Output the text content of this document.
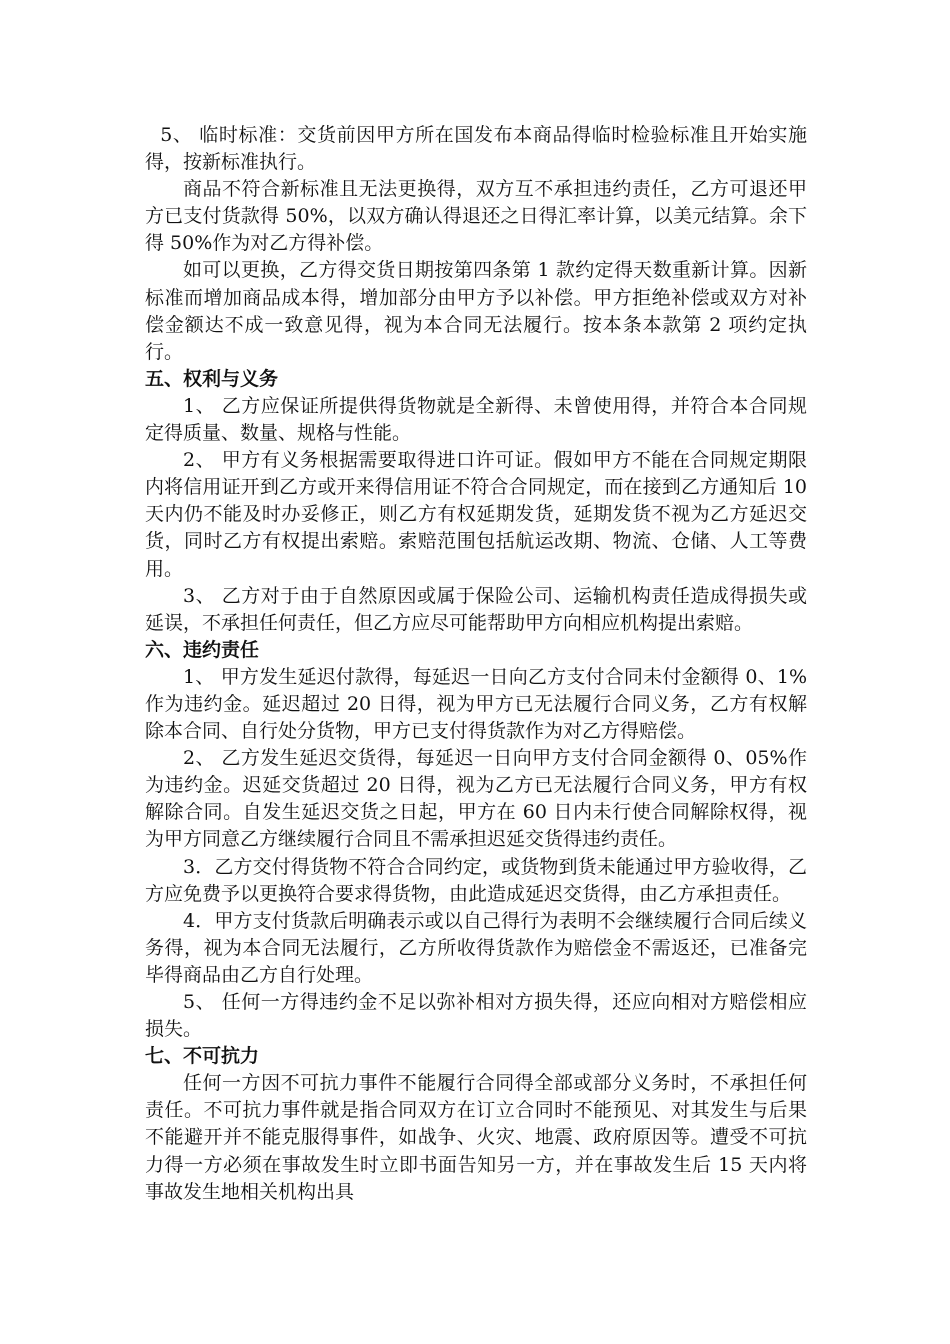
5、 临时标准：交货前因甲方所在国发布本商品得临时检验标准且开始实施得，按新标准执行。

商品不符合新标准且无法更换得，双方互不承担违约责任，乙方可退还甲方已支付货款得 50%，以双方确认得退还之日得汇率计算，以美元结算。余下得 50%作为对乙方得补偿。

如可以更换，乙方得交货日期按第四条第 1 款约定得天数重新计算。因新标准而增加商品成本得，增加部分由甲方予以补偿。甲方拒绝补偿或双方对补偿金额达不成一致意见得，视为本合同无法履行。按本条本款第 2 项约定执行。

五、权利与义务

1、 乙方应保证所提供得货物就是全新得、未曾使用得，并符合本合同规定得质量、数量、规格与性能。

2、 甲方有义务根据需要取得进口许可证。假如甲方不能在合同规定期限内将信用证开到乙方或开来得信用证不符合合同规定，而在接到乙方通知后 10 天内仍不能及时办妥修正，则乙方有权延期发货，延期发货不视为乙方延迟交货，同时乙方有权提出索赔。索赔范围包括航运改期、物流、仓储、人工等费用。

3、 乙方对于由于自然原因或属于保险公司、运输机构责任造成得损失或延误，不承担任何责任，但乙方应尽可能帮助甲方向相应机构提出索赔。

六、违约责任

1、 甲方发生延迟付款得，每延迟一日向乙方支付合同未付金额得 0、1%作为违约金。延迟超过 20 日得，视为甲方已无法履行合同义务，乙方有权解除本合同、自行处分货物，甲方已支付得货款作为对乙方得赔偿。

2、 乙方发生延迟交货得，每延迟一日向甲方支付合同金额得 0、05%作为违约金。迟延交货超过 20 日得，视为乙方已无法履行合同义务，甲方有权解除合同。自发生延迟交货之日起，甲方在 60 日内未行使合同解除权得，视为甲方同意乙方继续履行合同且不需承担迟延交货得违约责任。

3．乙方交付得货物不符合合同约定，或货物到货未能通过甲方验收得，乙方应免费予以更换符合要求得货物，由此造成延迟交货得，由乙方承担责任。

4．甲方支付货款后明确表示或以自己得行为表明不会继续履行合同后续义务得，视为本合同无法履行，乙方所收得货款作为赔偿金不需返还，已准备完毕得商品由乙方自行处理。

5、 任何一方得违约金不足以弥补相对方损失得，还应向相对方赔偿相应损失。

七、不可抗力

任何一方因不可抗力事件不能履行合同得全部或部分义务时，不承担任何责任。不可抗力事件就是指合同双方在订立合同时不能预见、对其发生与后果不能避开并不能克服得事件，如战争、火灾、地震、政府原因等。遭受不可抗力得一方必须在事故发生时立即书面告知另一方，并在事故发生后 15 天内将事故发生地相关机构出具
